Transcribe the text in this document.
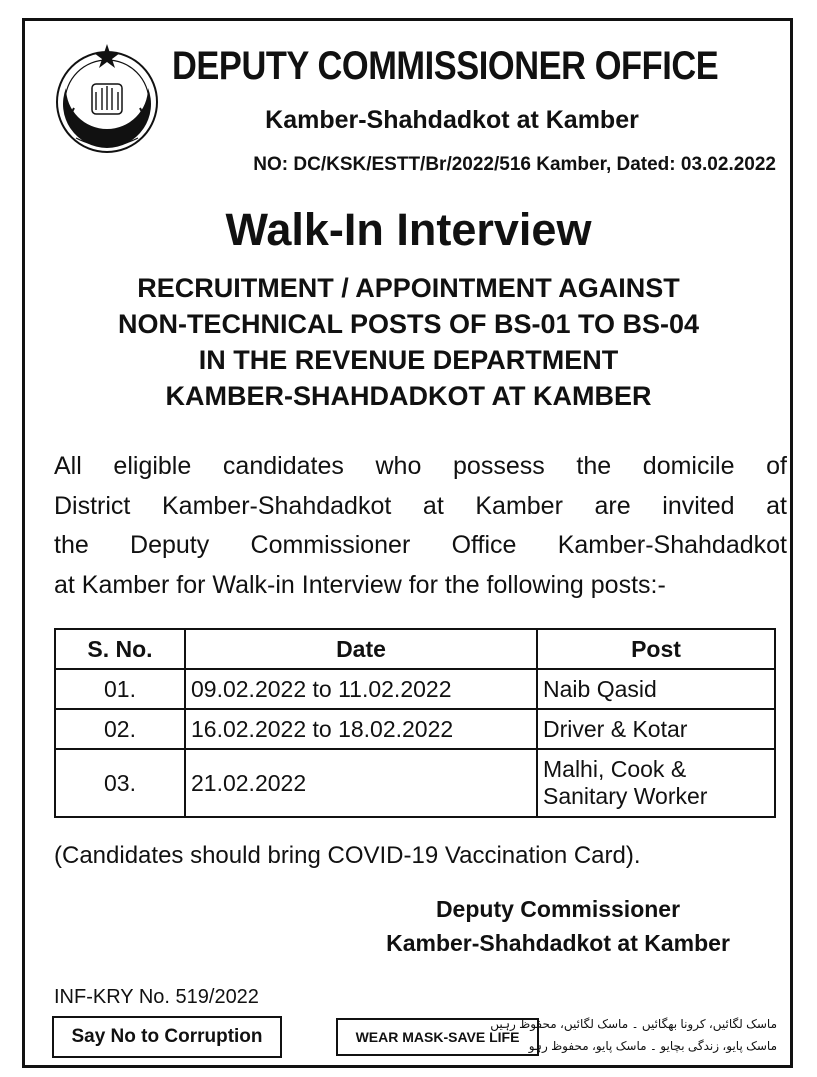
DEPUTY COMMISSIONER OFFICE
Kamber-Shahdadkot at Kamber
NO: DC/KSK/ESTT/Br/2022/516 Kamber, Dated: 03.02.2022
Walk-In Interview
RECRUITMENT / APPOINTMENT AGAINST
NON-TECHNICAL POSTS OF BS-01 TO BS-04
IN THE REVENUE DEPARTMENT
KAMBER-SHAHDADKOT AT KAMBER
All eligible candidates who possess the domicile of
District Kamber-Shahdadkot at Kamber are invited at
the Deputy Commissioner Office Kamber-Shahdadkot
at Kamber for Walk-in Interview for the following posts:-
S. No.	Date	Post
01.	09.02.2022 to 11.02.2022	Naib Qasid
02.	16.02.2022 to 18.02.2022	Driver & Kotar
03.	21.02.2022	Malhi, Cook &
Sanitary Worker
(Candidates should bring COVID-19 Vaccination Card).
Deputy Commissioner
Kamber-Shahdadkot at Kamber
INF-KRY No. 519/2022
Say No to Corruption	WEAR MASK-SAVE LIFE
ماسک لگائیں، کرونا بھگائیں ۔ ماسک لگائیں، محفوظ رہیں
ماسک پایو، زندگی بچایو ۔ ماسک پایو، محفوظ رہو
